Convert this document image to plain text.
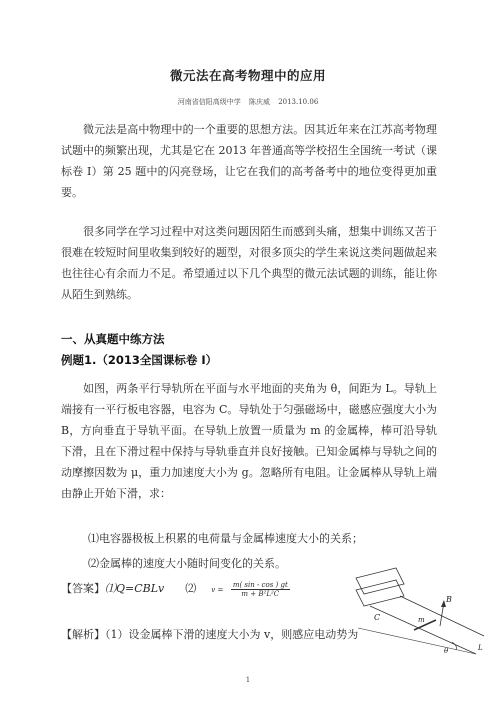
微元法在高考物理中的应用
河南省信阳高级中学 陈庆威 2013.10.06

微元法是高中物理中的一个重要的思想方法。因其近年来在江苏高考物理试题中的频繁出现，尤其是它在 2013 年普通高等学校招生全国统一考试（课标卷 I）第 25 题中的闪亮登场，让它在我们的高考备考中的地位变得更加重要。

很多同学在学习过程中对这类问题因陌生而感到头痛，想集中训练又苦于很难在较短时间里收集到较好的题型，对很多顶尖的学生来说这类问题做起来也往往心有余而力不足。希望通过以下几个典型的微元法试题的训练，能让你从陌生到熟练。

一、从真题中练方法
例题1.（2013全国课标卷 I）

如图，两条平行导轨所在平面与水平地面的夹角为 θ，间距为 L。导轨上端接有一平行板电容器，电容为 C。导轨处于匀强磁场中，磁感应强度大小为 B，方向垂直于导轨平面。在导轨上放置一质量为 m 的金属棒，棒可沿导轨下滑，且在下滑过程中保持与导轨垂直并良好接触。已知金属棒与导轨之间的动摩擦因数为 μ，重力加速度大小为 g。忽略所有电阻。让金属棒从导轨上端由静止开始下滑，求：

⑴电容器极板上积累的电荷量与金属棒速度大小的关系；
⑵金属棒的速度大小随时间变化的关系。
【答案】⑴Q=CBLv ⑵ $v = \frac{m( \sin - \cos ) gt}{\text{m + B²L²C}}$
【解析】（1）设金属棒下滑的速度大小为 v，则感应电动势为
C
B
m
L
θ
1
